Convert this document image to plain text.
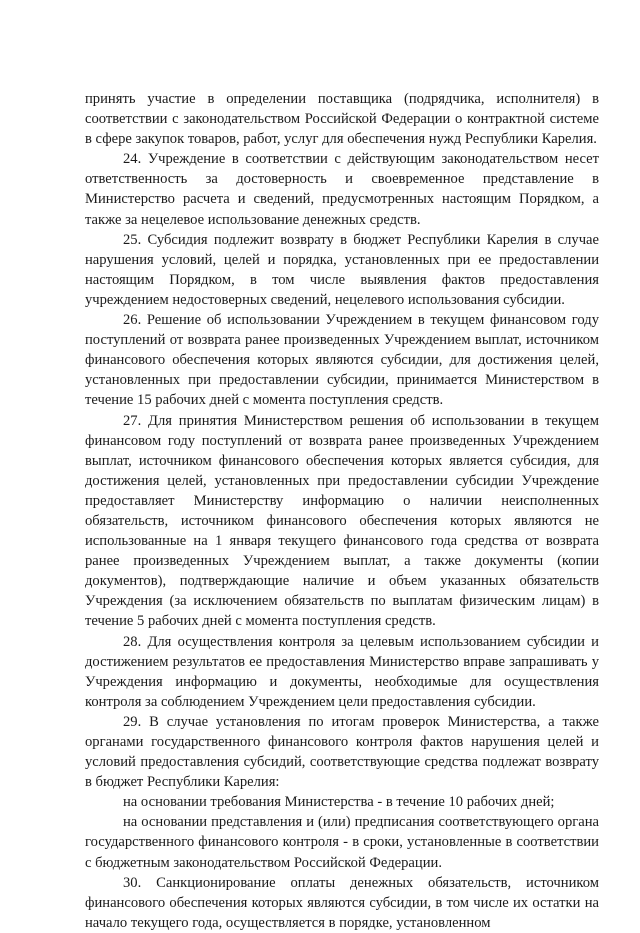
принять участие в определении поставщика (подрядчика, исполнителя) в соответствии с законодательством Российской Федерации о контрактной системе в сфере закупок товаров, работ, услуг для обеспечения нужд Республики Карелия.

24. Учреждение в соответствии с действующим законодательством несет ответственность за достоверность и своевременное представление в Министерство расчета и сведений, предусмотренных настоящим Порядком, а также за нецелевое использование денежных средств.

25. Субсидия подлежит возврату в бюджет Республики Карелия в случае нарушения условий, целей и порядка, установленных при ее предоставлении настоящим Порядком, в том числе выявления фактов предоставления учреждением недостоверных сведений, нецелевого использования субсидии.

26. Решение об использовании Учреждением в текущем финансовом году поступлений от возврата ранее произведенных Учреждением выплат, источником финансового обеспечения которых являются субсидии, для достижения целей, установленных при предоставлении субсидии, принимается Министерством в течение 15 рабочих дней с момента поступления средств.

27. Для принятия Министерством решения об использовании в текущем финансовом году поступлений от возврата ранее произведенных Учреждением выплат, источником финансового обеспечения которых является субсидия, для достижения целей, установленных при предоставлении субсидии Учреждение предоставляет Министерству информацию о наличии неисполненных обязательств, источником финансового обеспечения которых являются не использованные на 1 января текущего финансового года средства от возврата ранее произведенных Учреждением выплат, а также документы (копии документов), подтверждающие наличие и объем указанных обязательств Учреждения (за исключением обязательств по выплатам физическим лицам) в течение 5 рабочих дней с момента поступления средств.

28. Для осуществления контроля за целевым использованием субсидии и достижением результатов ее предоставления Министерство вправе запрашивать у Учреждения информацию и документы, необходимые для осуществления контроля за соблюдением Учреждением цели предоставления субсидии.

29. В случае установления по итогам проверок Министерства, а также органами государственного финансового контроля фактов нарушения целей и условий предоставления субсидий, соответствующие средства подлежат возврату в бюджет Республики Карелия:

на основании требования Министерства - в течение 10 рабочих дней;

на основании представления и (или) предписания соответствующего органа государственного финансового контроля - в сроки, установленные в соответствии с бюджетным законодательством Российской Федерации.

30. Санкционирование оплаты денежных обязательств, источником финансового обеспечения которых являются субсидии, в том числе их остатки на начало текущего года, осуществляется в порядке, установленном
